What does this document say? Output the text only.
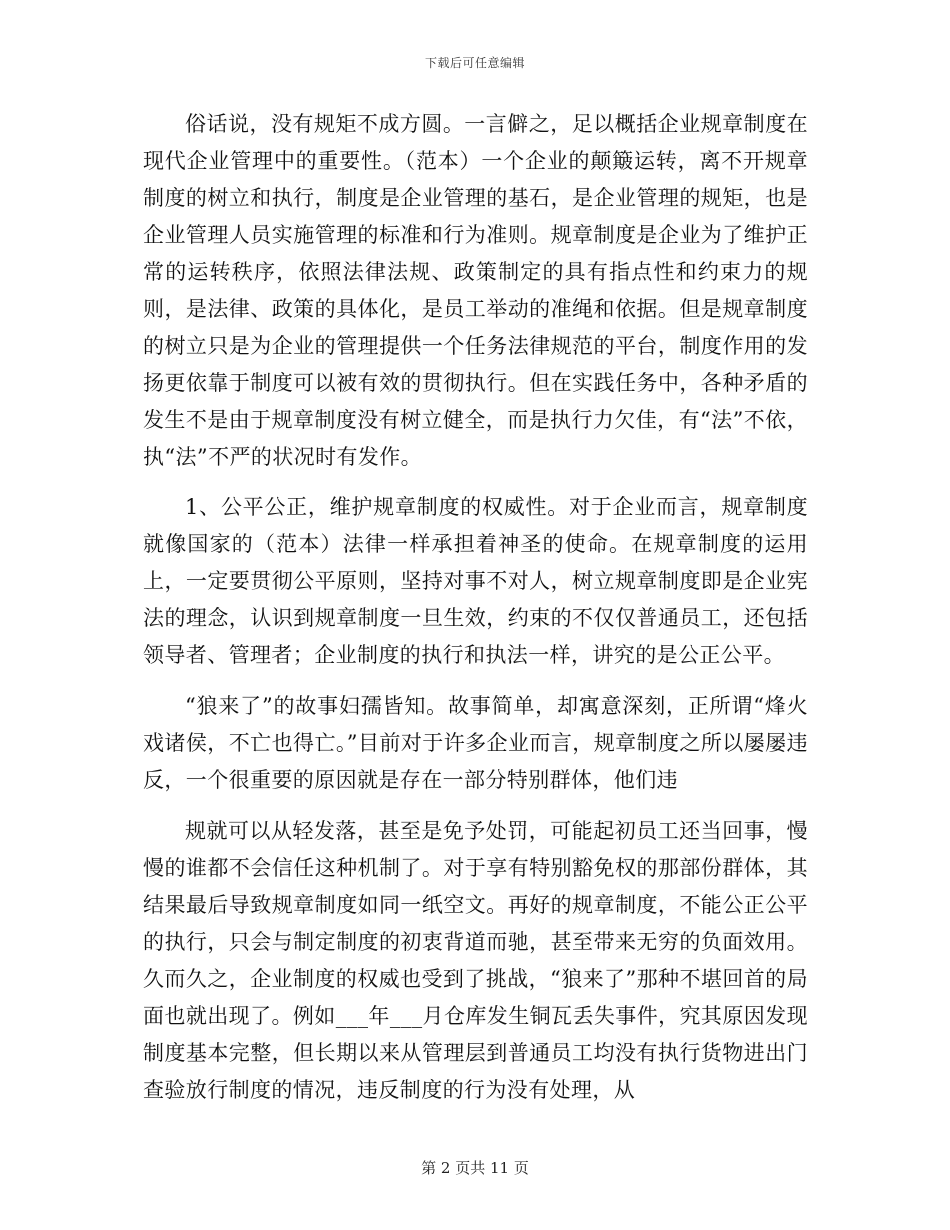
下载后可任意编辑

俗话说，没有规矩不成方圆。一言僻之，足以概括企业规章制度在现代企业管理中的重要性。（范本）一个企业的颠簸运转，离不开规章制度的树立和执行，制度是企业管理的基石，是企业管理的规矩，也是企业管理人员实施管理的标准和行为准则。规章制度是企业为了维护正常的运转秩序，依照法律法规、政策制定的具有指点性和约束力的规则，是法律、政策的具体化，是员工举动的准绳和依据。但是规章制度的树立只是为企业的管理提供一个任务法律规范的平台，制度作用的发扬更依靠于制度可以被有效的贯彻执行。但在实践任务中，各种矛盾的发生不是由于规章制度没有树立健全，而是执行力欠佳，有“法”不依，执“法”不严的状况时有发作。

1、公平公正，维护规章制度的权威性。对于企业而言，规章制度就像国家的（范本）法律一样承担着神圣的使命。在规章制度的运用上，一定要贯彻公平原则，坚持对事不对人，树立规章制度即是企业宪法的理念，认识到规章制度一旦生效，约束的不仅仅普通员工，还包括领导者、管理者；企业制度的执行和执法一样，讲究的是公正公平。

“狼来了”的故事妇孺皆知。故事简单，却寓意深刻，正所谓“烽火戏诸侯，不亡也得亡。”目前对于许多企业而言，规章制度之所以屡屡违反，一个很重要的原因就是存在一部分特别群体，他们违

规就可以从轻发落，甚至是免予处罚，可能起初员工还当回事，慢慢的谁都不会信任这种机制了。对于享有特别豁免权的那部份群体，其结果最后导致规章制度如同一纸空文。再好的规章制度，不能公正公平的执行，只会与制定制度的初衷背道而驰，甚至带来无穷的负面效用。久而久之，企业制度的权威也受到了挑战，“狼来了”那种不堪回首的局面也就出现了。例如___年___月仓库发生铜瓦丢失事件，究其原因发现制度基本完整，但长期以来从管理层到普通员工均没有执行货物进出门查验放行制度的情况，违反制度的行为没有处理，从

第 2 页共 11 页
